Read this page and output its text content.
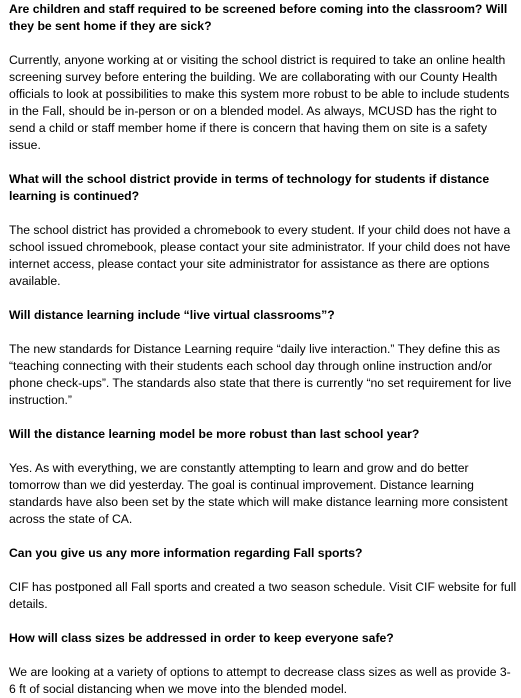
Are children and staff required to be screened before coming into the classroom? Will they be sent home if they are sick?

Currently, anyone working at or visiting the school district is required to take an online health screening survey before entering the building. We are collaborating with our County Health officials to look at possibilities to make this system more robust to be able to include students in the Fall, should be in-person or on a blended model. As always, MCUSD has the right to send a child or staff member home if there is concern that having them on site is a safety issue.

What will the school district provide in terms of technology for students if distance learning is continued?

The school district has provided a chromebook to every student. If your child does not have a school issued chromebook, please contact your site administrator. If your child does not have internet access, please contact your site administrator for assistance as there are options available.

Will distance learning include “live virtual classrooms”?

The new standards for Distance Learning require “daily live interaction.” They define this as “teaching connecting with their students each school day through online instruction and/or phone check-ups”. The standards also state that there is currently “no set requirement for live instruction.”

Will the distance learning model be more robust than last school year?

Yes. As with everything, we are constantly attempting to learn and grow and do better tomorrow than we did yesterday. The goal is continual improvement. Distance learning standards have also been set by the state which will make distance learning more consistent across the state of CA.

Can you give us any more information regarding Fall sports?

CIF has postponed all Fall sports and created a two season schedule. Visit CIF website for full details.

How will class sizes be addressed in order to keep everyone safe?

We are looking at a variety of options to attempt to decrease class sizes as well as provide 3- 6 ft of social distancing when we move into the blended model.
